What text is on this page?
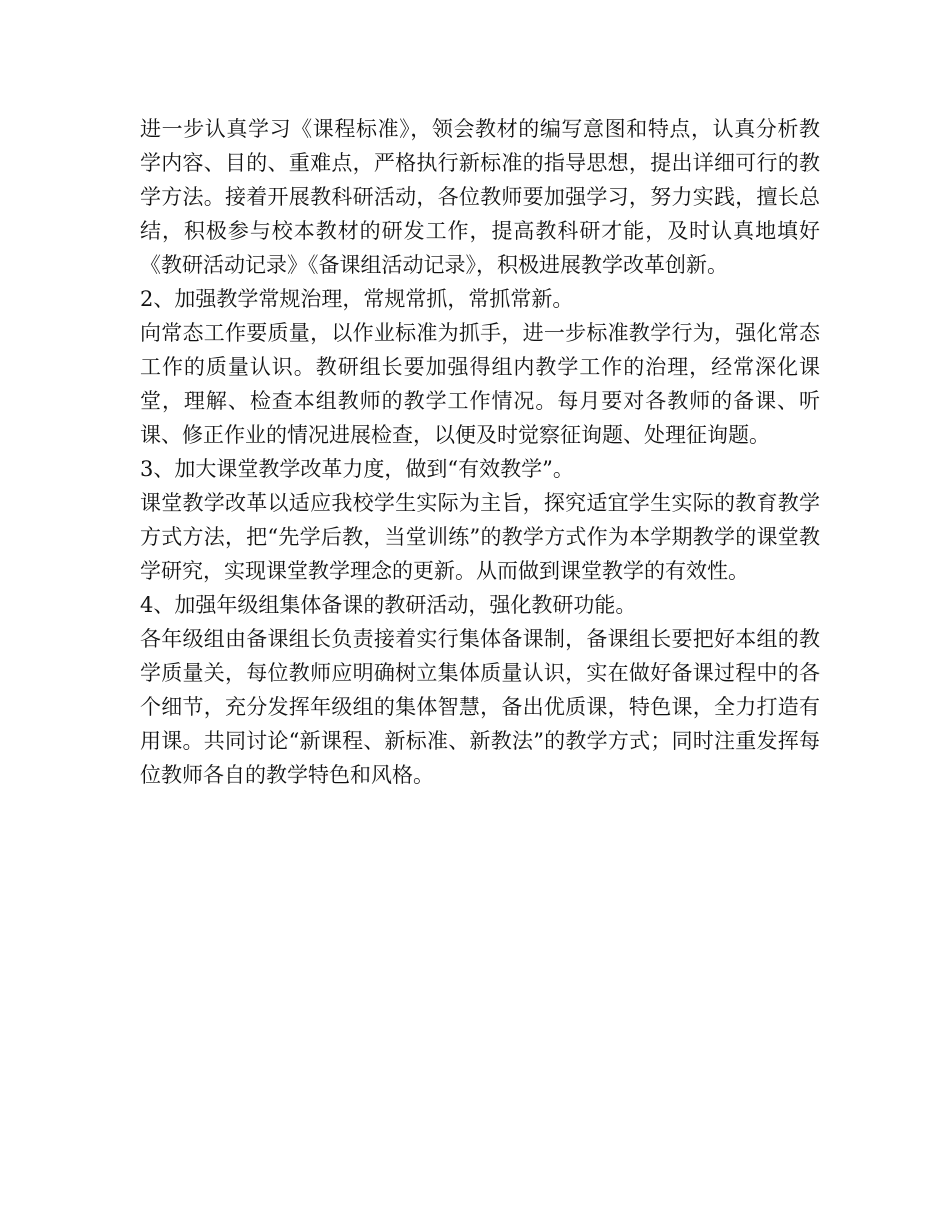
进一步认真学习《课程标准》，领会教材的编写意图和特点，认真分析教学内容、目的、重难点，严格执行新标准的指导思想，提出详细可行的教学方法。接着开展教科研活动，各位教师要加强学习，努力实践，擅长总结，积极参与校本教材的研发工作，提高教科研才能，及时认真地填好《教研活动记录》《备课组活动记录》，积极进展教学改革创新。

2、加强教学常规治理，常规常抓，常抓常新。

向常态工作要质量，以作业标准为抓手，进一步标准教学行为，强化常态工作的质量认识。教研组长要加强得组内教学工作的治理，经常深化课堂，理解、检查本组教师的教学工作情况。每月要对各教师的备课、听课、修正作业的情况进展检查，以便及时觉察征询题、处理征询题。

3、加大课堂教学改革力度，做到“有效教学”。

课堂教学改革以适应我校学生实际为主旨，探究适宜学生实际的教育教学方式方法，把“先学后教，当堂训练”的教学方式作为本学期教学的课堂教学研究，实现课堂教学理念的更新。从而做到课堂教学的有效性。

4、加强年级组集体备课的教研活动，强化教研功能。

各年级组由备课组长负责接着实行集体备课制，备课组长要把好本组的教学质量关，每位教师应明确树立集体质量认识，实在做好备课过程中的各个细节，充分发挥年级组的集体智慧，备出优质课，特色课，全力打造有用课。共同讨论“新课程、新标准、新教法”的教学方式；同时注重发挥每位教师各自的教学特色和风格。
